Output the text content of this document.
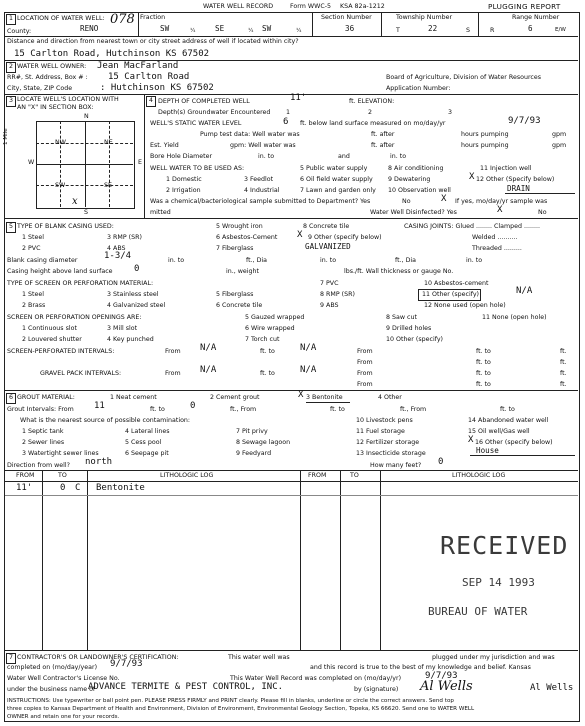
WATER WELL RECORD	Form WWC-5 KSA 82a-1212	PLUGGING REPORT
1 LOCATION OF WATER WELL:
County:	RENO
078 Fraction
SW	¼	SE	¼ SW	¼
Section Number
36
Township Number
T	22	S
Range Number
R	6	E/W
Distance and direction from nearest town or city street address of well if located within city?
15 Carlton Road, Hutchinson KS 67502
2 WATER WELL OWNER: Jean MacFarland
RR#, St. Address, Box # : 15 Carlton Road
City, State, ZIP Code	: Hutchinson KS 67502
Board of Agriculture, Division of Water Resources
Application Number:
3 LOCATE WELL'S LOCATION WITH
AN "X" IN SECTION BOX:
N
S
W	E
1 Mile	NW	NE
SW	SE
x
4 DEPTH OF COMPLETED WELL	11'	ft. ELEVATION:
Depth(s) Groundwater Encountered 1	2	3
WELL'S STATIC WATER LEVEL	6 ft. below land surface measured on mo/day/yr	9/7/93
Pump test data: Well water was	ft. after	hours pumping	gpm
Est. Yield	gpm: Well water was	ft. after	hours pumping	gpm
Bore Hole Diameter	in. to	and	in. to
WELL WATER TO BE USED AS:
1 Domestic
2 Irrigation
3 Feedlot
4 Industrial
5 Public water supply
6 Oil field water supply
7 Lawn and garden only
8 Air conditioning
9 Dewatering
10 Observation well
11 Injection well
X 12 Other (Specify below)
DRAIN
Was a chemical/bacteriological sample submitted to Department? Yes	No	X If yes, mo/day/yr sample was
mitted	Water Well Disinfected? Yes	X	No
5 TYPE OF BLANK CASING USED:
1 Steel
2 PVC
3 RMP (SR)
4 ABS
5 Wrought iron
6 Asbestos-Cement
7 Fiberglass
8 Concrete tile
X 9 Other (specify below)
GALVANIZED
CASING JOINTS: Glued ........ Clamped ........
Welded ..........
Threaded .........
Blank casing diameter	1-3/4	in. to	ft., Dia	in. to	ft., Dia	in. to
Casing height above land surface 0	in., weight	lbs./ft. Wall thickness or gauge No.
TYPE OF SCREEN OR PERFORATION MATERIAL:
1 Steel
2 Brass
3 Stainless steel
4 Galvanized steel
5 Fiberglass
6 Concrete tile
7 PVC
8 RMP (SR)
9 ABS
10 Asbestos-cement
11 Other (specify)	N/A
12 None used (open hole)
SCREEN OR PERFORATION OPENINGS ARE:
1 Continuous slot
2 Louvered shutter
3 Mill slot
4 Key punched
5 Gauzed wrapped
6 Wire wrapped
7 Torch cut
8 Saw cut
9 Drilled holes
10 Other (specify)
11 None (open hole)
SCREEN-PERFORATED INTERVALS:	From N/A	ft. to	N/A	From	ft. to	ft.
From	ft. to	ft.
GRAVEL PACK INTERVALS:	From N/A	ft. to	N/A	From	ft. to	ft.
From	ft. to	ft.
6 GROUT MATERIAL:	1 Neat cement	2 Cement grout	X 3 Bentonite	4 Other
Grout Intervals: From 11	ft. to	0	ft., From	ft. to	ft., From	ft. to
What is the nearest source of possible contamination:
1 Septic tank
2 Sewer lines
3 Watertight sewer lines
4 Lateral lines
5 Cess pool
6 Seepage pit
7 Pit privy
8 Sewage lagoon
9 Feedyard
10 Livestock pens
11 Fuel storage
12 Fertilizer storage
13 Insecticide storage
14 Abandoned water well
15 Oil well/Gas well
X 16 Other (specify below)
House
Direction from well? north	How many feet? 0
FROM	TO	LITHOLOGIC LOG	FROM	TO	LITHOLOGIC LOG
11'	0 C Bentonite
RECEIVED
SEP 14 1993
BUREAU OF WATER
7 CONTRACTOR'S OR LANDOWNER'S CERTIFICATION:	This water well was	plugged under my jurisdiction and was
completed on (mo/day/year) 9/7/93	and this record is true to the best of my knowledge and belief. Kansas
Water Well Contractor's License No.	This Water Well Record was completed on (mo/day/yr)	9/7/93
under the business name of
ADVANCE TERMITE & PEST CONTROL, INC.	by (signature) Al Wells	Al Wells
INSTRUCTIONS: Use typewriter or ball point pen. PLEASE PRESS FIRMLY and PRINT clearly. Please fill in blanks, underline or circle the correct answers. Send top
three copies to Kansas Department of Health and Environment, Division of Environment, Environmental Geology Section, Topeka, KS 66620. Send one to WATER WELL
OWNER and retain one for your records.
